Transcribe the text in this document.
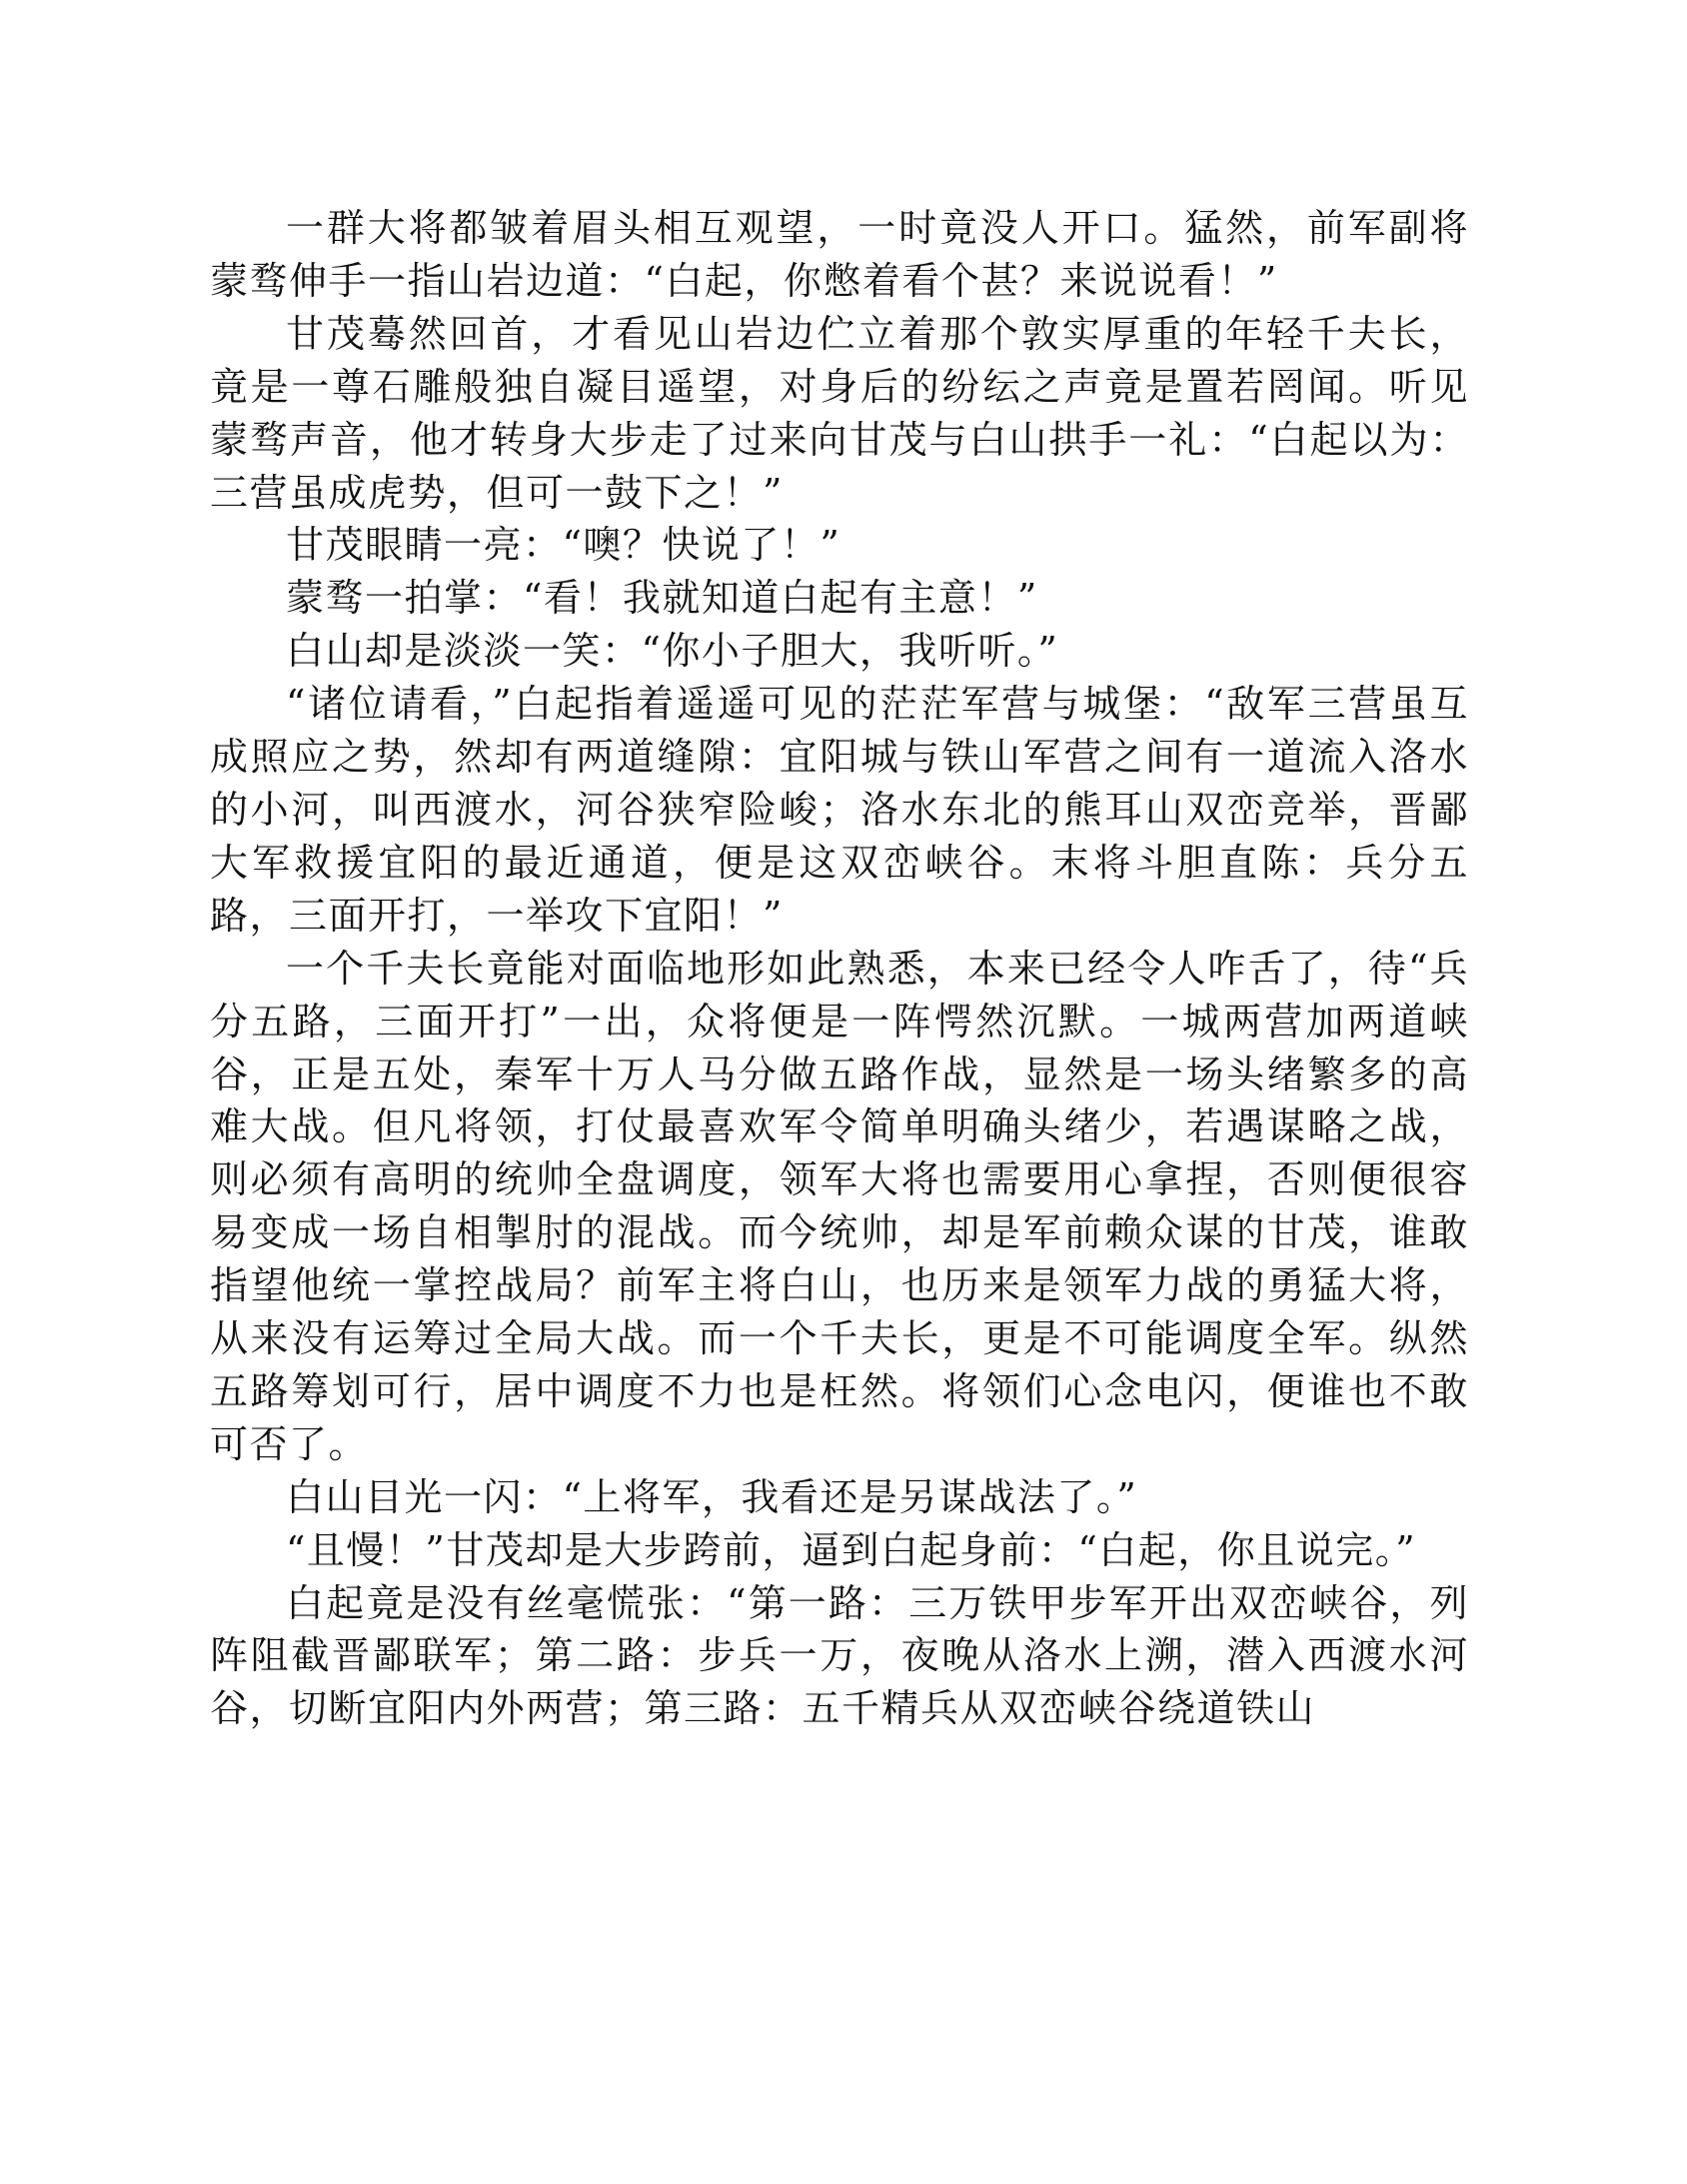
一群大将都皱着眉头相互观望，一时竟没人开口。猛然，前军副将蒙骛伸手一指山岩边道：“白起，你憋着看个甚？来说说看！”

甘茂蓦然回首，才看见山岩边伫立着那个敦实厚重的年轻千夫长，竟是一尊石雕般独自凝目遥望，对身后的纷纭之声竟是置若罔闻。听见蒙骛声音，他才转身大步走了过来向甘茂与白山拱手一礼：“白起以为：三营虽成虎势，但可一鼓下之！”

甘茂眼睛一亮：“噢？快说了！”

蒙骛一拍掌：“看！我就知道白起有主意！”

白山却是淡淡一笑：“你小子胆大，我听听。”

“诸位请看，”白起指着遥遥可见的茫茫军营与城堡：“敌军三营虽互成照应之势，然却有两道缝隙：宜阳城与铁山军营之间有一道流入洛水的小河，叫西渡水，河谷狭窄险峻；洛水东北的熊耳山双峦竞举，晋鄙大军救援宜阳的最近通道，便是这双峦峡谷。末将斗胆直陈：兵分五路，三面开打，一举攻下宜阳！”

一个千夫长竟能对面临地形如此熟悉，本来已经令人咋舌了，待“兵分五路，三面开打”一出，众将便是一阵愕然沉默。一城两营加两道峡谷，正是五处，秦军十万人马分做五路作战，显然是一场头绪繁多的高难大战。但凡将领，打仗最喜欢军令简单明确头绪少，若遇谋略之战，则必须有高明的统帅全盘调度，领军大将也需要用心拿捏，否则便很容易变成一场自相掣肘的混战。而今统帅，却是军前赖众谋的甘茂，谁敢指望他统一掌控战局？前军主将白山，也历来是领军力战的勇猛大将，从来没有运筹过全局大战。而一个千夫长，更是不可能调度全军。纵然五路筹划可行，居中调度不力也是枉然。将领们心念电闪，便谁也不敢可否了。

白山目光一闪：“上将军，我看还是另谋战法了。”

“且慢！”甘茂却是大步跨前，逼到白起身前：“白起，你且说完。”

白起竟是没有丝毫慌张：“第一路：三万铁甲步军开出双峦峡谷，列阵阻截晋鄙联军；第二路：步兵一万，夜晚从洛水上溯，潜入西渡水河谷，切断宜阳内外两营；第三路：五千精兵从双峦峡谷绕道铁山
